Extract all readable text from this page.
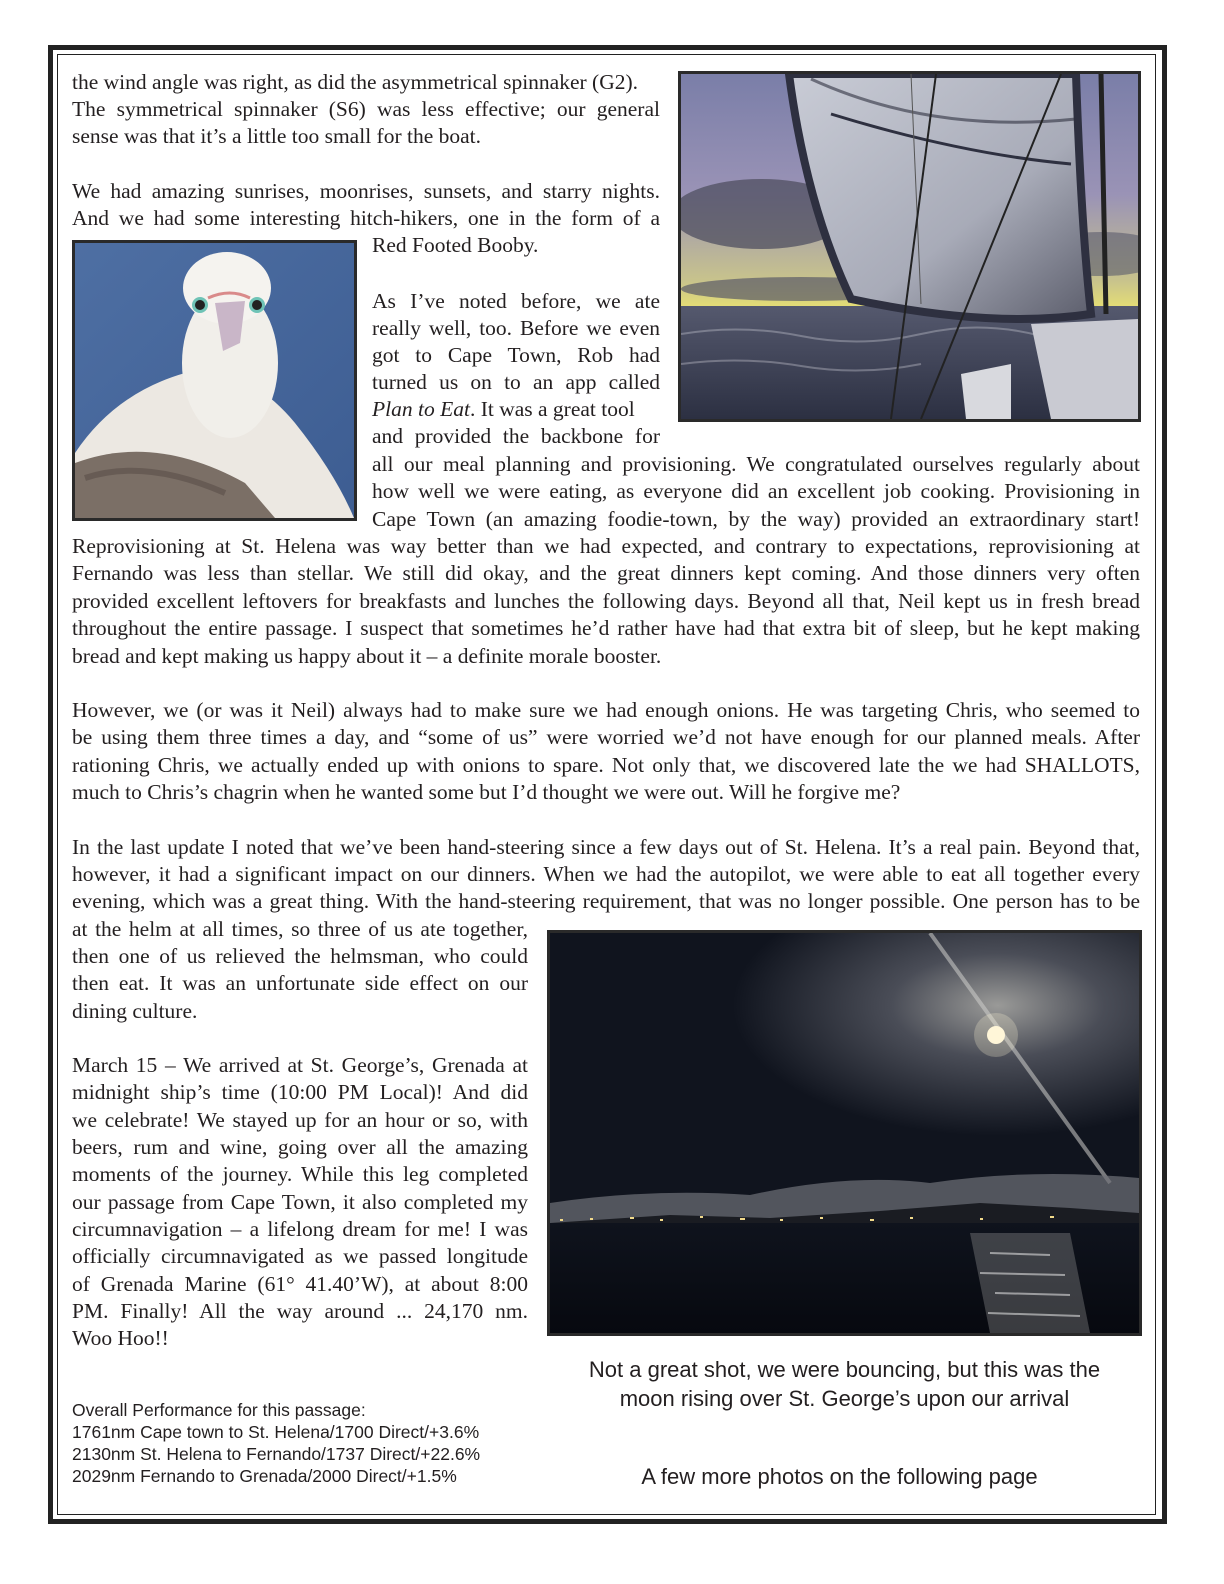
the wind angle was right, as did the asymmetrical spinnaker (G2).
The symmetrical spinnaker (S6) was less effective; our general
sense was that it’s a little too small for the boat.
We had amazing sunrises, moonrises, sunsets, and starry nights.
And we had some interesting hitch-hikers, one in the form of a
Red Footed Booby.
As I’ve noted before, we ate
really well, too. Before we even
got to Cape Town, Rob had
turned us on to an app called
Plan to Eat. It was a great tool
and provided the backbone for
all our meal planning and provisioning. We congratulated ourselves regularly about
how well we were eating, as everyone did an excellent job cooking. Provisioning in
Cape Town (an amazing foodie-town, by the way) provided an extraordinary start!
Reprovisioning at St. Helena was way better than we had expected, and contrary to expectations, reprovisioning at
Fernando was less than stellar. We still did okay, and the great dinners kept coming. And those dinners very often
provided excellent leftovers for breakfasts and lunches the following days. Beyond all that, Neil kept us in fresh bread
throughout the entire passage. I suspect that sometimes he’d rather have had that extra bit of sleep, but he kept making
bread and kept making us happy about it – a definite morale booster.
However, we (or was it Neil) always had to make sure we had enough onions. He was targeting Chris, who seemed to
be using them three times a day, and “some of us” were worried we’d not have enough for our planned meals. After
rationing Chris, we actually ended up with onions to spare. Not only that, we discovered late the we had SHALLOTS,
much to Chris’s chagrin when he wanted some but I’d thought we were out. Will he forgive me?
In the last update I noted that we’ve been hand-steering since a few days out of St. Helena. It’s a real pain. Beyond that,
however, it had a significant impact on our dinners. When we had the autopilot, we were able to eat all together every
evening, which was a great thing. With the hand-steering requirement, that was no longer possible. One person has to be
at the helm at all times, so three of us ate together,
then one of us relieved the helmsman, who could
then eat. It was an unfortunate side effect on our
dining culture.
March 15 – We arrived at St. George’s, Grenada at
midnight ship’s time (10:00 PM Local)! And did
we celebrate! We stayed up for an hour or so, with
beers, rum and wine, going over all the amazing
moments of the journey. While this leg completed
our passage from Cape Town, it also completed my
circumnavigation – a lifelong dream for me! I was
officially circumnavigated as we passed longitude
of Grenada Marine (61° 41.40’W), at about 8:00
PM. Finally! All the way around ... 24,170 nm.
Woo Hoo!!
Overall Performance for this passage:
1761nm Cape town to St. Helena/1700 Direct/+3.6%
2130nm St. Helena to Fernando/1737 Direct/+22.6%
2029nm Fernando to Grenada/2000 Direct/+1.5%
Not a great shot, we were bouncing, but this was the
moon rising over St. George’s upon our arrival
A few more photos on the following page
